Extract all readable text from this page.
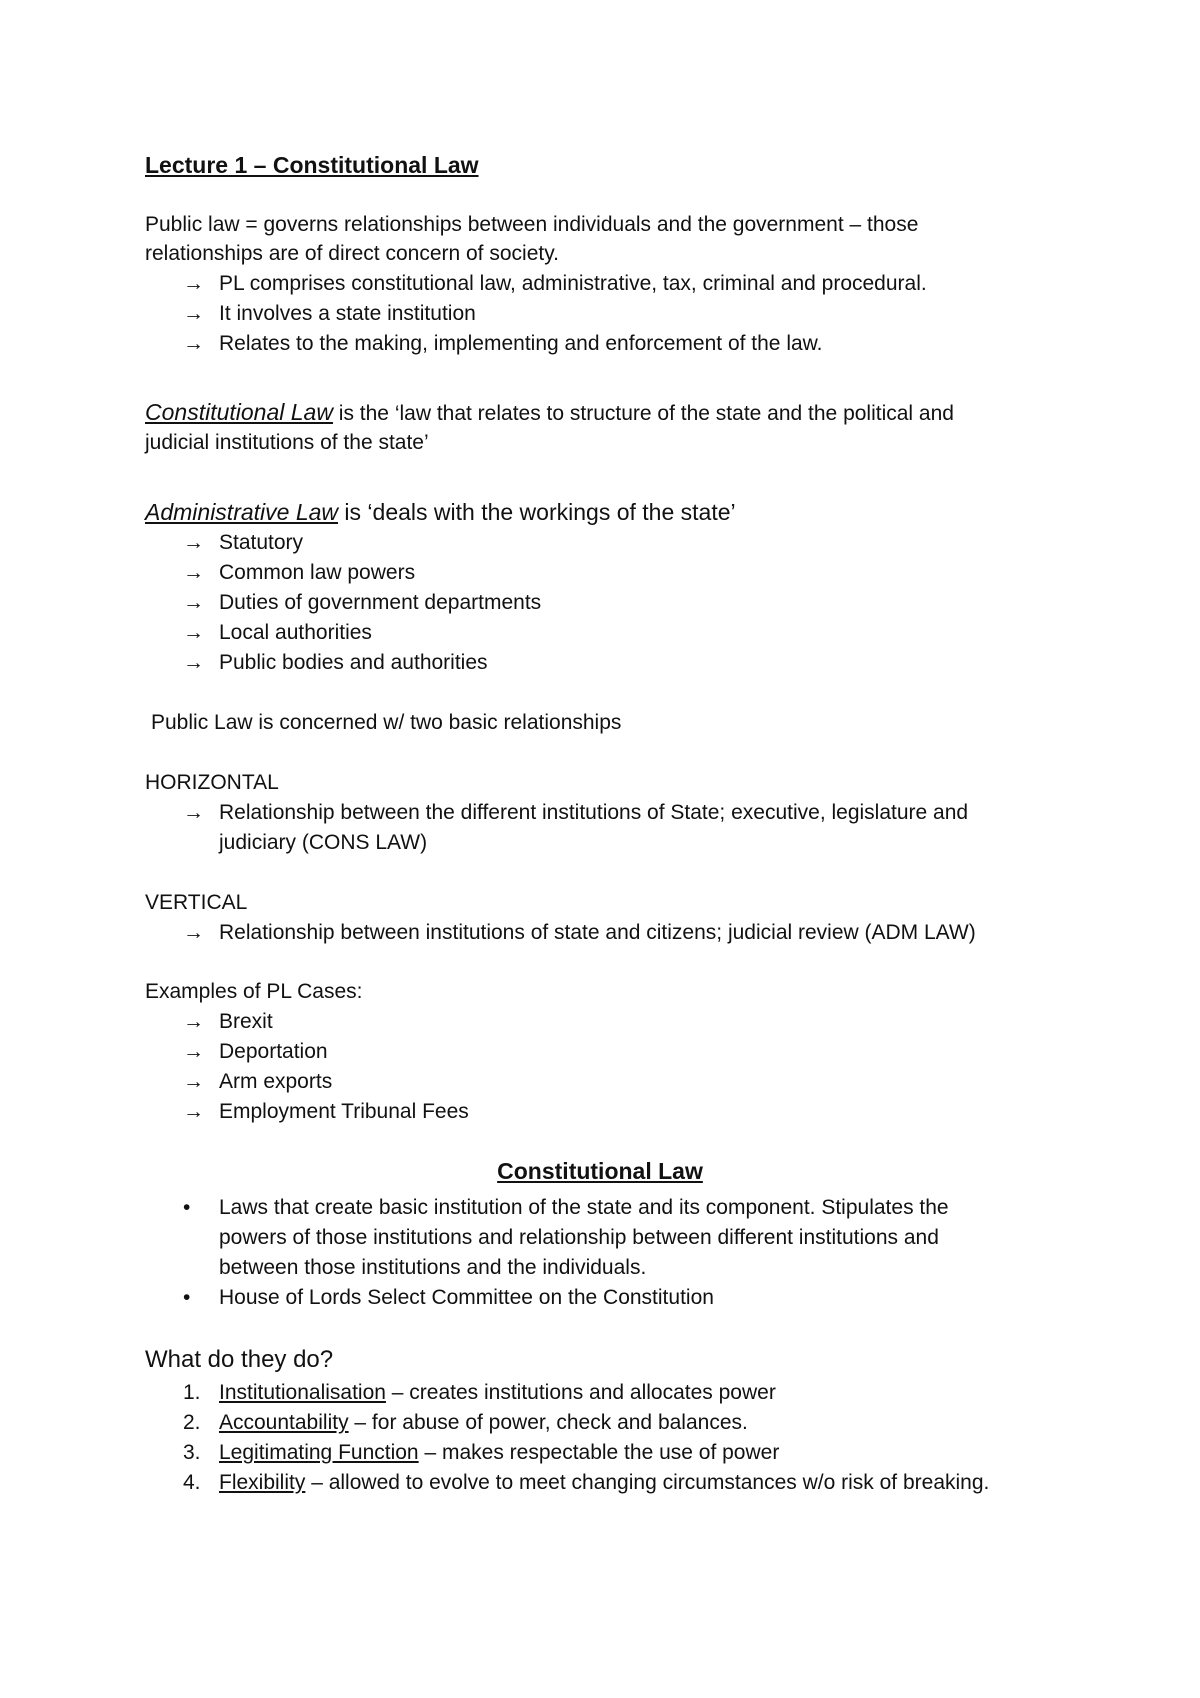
Lecture 1 – Constitutional Law
Public law = governs relationships between individuals and the government – those
relationships are of direct concern of society.
→ PL comprises constitutional law, administrative, tax, criminal and procedural.
→ It involves a state institution
→ Relates to the making, implementing and enforcement of the law.
Constitutional Law is the ‘law that relates to structure of the state and the political and
judicial institutions of the state’
Administrative Law is ‘deals with the workings of the state’
→ Statutory
→ Common law powers
→ Duties of government departments
→ Local authorities
→ Public bodies and authorities
Public Law is concerned w/ two basic relationships
HORIZONTAL
→ Relationship between the different institutions of State; executive, legislature and
judiciary (CONS LAW)
VERTICAL
→ Relationship between institutions of state and citizens; judicial review (ADM LAW)
Examples of PL Cases:
→ Brexit
→ Deportation
→ Arm exports
→ Employment Tribunal Fees
Constitutional Law
• Laws that create basic institution of the state and its component. Stipulates the
powers of those institutions and relationship between different institutions and
between those institutions and the individuals.
• House of Lords Select Committee on the Constitution
What do they do?
1. Institutionalisation – creates institutions and allocates power
2. Accountability – for abuse of power, check and balances.
3. Legitimating Function – makes respectable the use of power
4. Flexibility – allowed to evolve to meet changing circumstances w/o risk of breaking.
